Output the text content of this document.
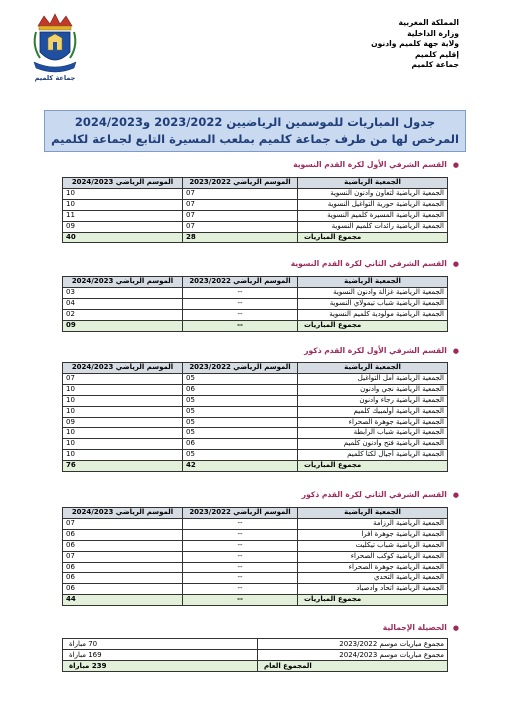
المملكة المغربية
وزارة الداخلية
ولاية جهة كلميم وادنون
إقليم كلميم
جماعة كلميم
جماعة كلميم
جدول المباريات للموسمين الرياضيين 2023/2022 و2024/2023
المرخص لها من طرف جماعة كلميم بملعب المسيرة التابع لجماعة لكلميم
●القسم الشرفي الأول لكرة القدم النسوية
الجمعية الرياضية	الموسم الرياضي 2023/2022	الموسم الرياضي 2024/2023
الجمعية الرياضية لتعاون وادنون النسوية	07	10
الجمعية الرياضية حورية التواغيل النسوية	07	10
الجمعية الرياضية المسيرة كلميم النسوية	07	11
الجمعية الرياضية رائدات كلميم النسوية	07	09
مجموع المباريات	28	40
●القسم الشرفي الثاني لكرة القدم النسوية
الجمعية الرياضية	الموسم الرياضي 2023/2022	الموسم الرياضي 2024/2023
الجمعية الرياضية غزالة وادنون النسوية	--	03
الجمعية الرياضية شباب تيمولاي النسوية	--	04
الجمعية الرياضية مولودية كلميم النسوية	--	02
مجموع المباريات	--	09
●القسم الشرفي الأول لكرة القدم ذكور
الجمعية الرياضية	الموسم الرياضي 2023/2022	الموسم الرياضي 2024/2023
الجمعية الرياضية أمل التواغيل	05	07
الجمعية الرياضية نجي وادنون	06	10
الجمعية الرياضية رجاء وادنون	05	10
الجمعية الرياضية أولمبيك كلميم	05	10
الجمعية الرياضية جوهرة الصحراء	05	09
الجمعية الرياضية شباب الرابطة	05	10
الجمعية الرياضية فتح وادنون كلميم	06	10
الجمعية الرياضية أجيال لكتا كلميم	05	10
مجموع المباريات	42	76
●القسم الشرفي الثاني لكرة القدم ذكور
الجمعية الرياضية	الموسم الرياضي 2023/2022	الموسم الرياضي 2024/2023
الجمعية الرياضية الرزامة	--	07
الجمعية الرياضية جوهرة افرا	--	06
الجمعية الرياضية شباب تيكليت	--	06
الجمعية الرياضية كوكب الصحراء	--	07
الجمعية الرياضية جوهرة الصحراء	--	06
الجمعية الرياضية التحدي	--	06
الجمعية الرياضية اتحاد وادصياد	--	06
مجموع المباريات	--	44
●الحصيلة الإجمالية
مجموع مباريات موسم 2023/2022	70 مباراة
مجموع مباريات موسم 2024/2023	169 مباراة
المجموع العام	239 مباراة
